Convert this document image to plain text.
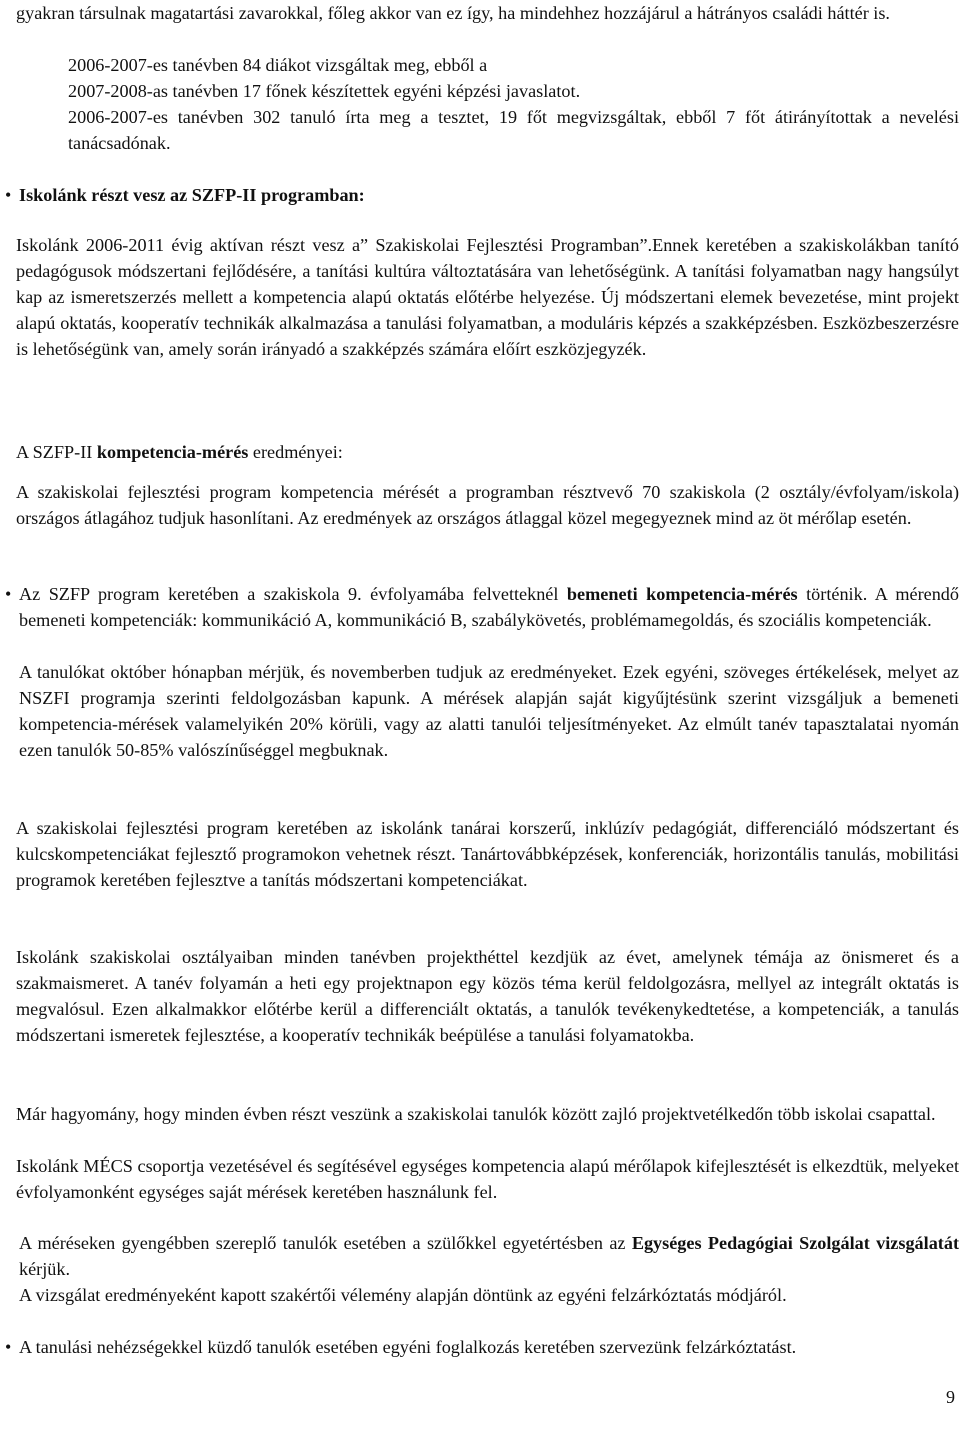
gyakran társulnak magatartási zavarokkal, főleg akkor van ez így, ha mindehhez hozzájárul a hátrányos családi háttér is.

2006-2007-es tanévben 84 diákot vizsgáltak meg, ebből a

2007-2008-as tanévben 17 főnek készítettek egyéni képzési javaslatot.

2006-2007-es tanévben 302 tanuló írta meg a tesztet, 19 főt megvizsgáltak, ebből 7 főt átirányítottak a nevelési tanácsadónak.

• Iskolánk részt vesz az SZFP-II programban:

Iskolánk 2006-2011 évig aktívan részt vesz a” Szakiskolai Fejlesztési Programban”.Ennek keretében a szakiskolákban tanító pedagógusok módszertani fejlődésére, a tanítási kultúra változtatására van lehetőségünk. A tanítási folyamatban nagy hangsúlyt kap az ismeretszerzés mellett a kompetencia alapú oktatás előtérbe helyezése. Új módszertani elemek bevezetése, mint projekt alapú oktatás, kooperatív technikák alkalmazása a tanulási folyamatban, a moduláris képzés a szakképzésben. Eszközbeszerzésre is lehetőségünk van, amely során irányadó a szakképzés számára előírt eszközjegyzék.

A SZFP-II kompetencia-mérés eredményei:

A szakiskolai fejlesztési program kompetencia mérését a programban résztvevő 70 szakiskola (2 osztály/évfolyam/iskola) országos átlagához tudjuk hasonlítani. Az eredmények az országos átlaggal közel megegyeznek mind az öt mérőlap esetén.

• Az SZFP program keretében a szakiskola 9. évfolyamába felvetteknél bemeneti kompetencia-mérés történik. A mérendő bemeneti kompetenciák: kommunikáció A, kommunikáció B, szabálykövetés, problémamegoldás, és szociális kompetenciák.
A tanulókat október hónapban mérjük, és novemberben tudjuk az eredményeket. Ezek egyéni, szöveges értékelések, melyet az NSZFI programja szerinti feldolgozásban kapunk. A mérések alapján saját kigyűjtésünk szerint vizsgáljuk a bemeneti kompetencia-mérések valamelyikén 20% körüli, vagy az alatti tanulói teljesítményeket. Az elmúlt tanév tapasztalatai nyomán ezen tanulók 50-85% valószínűséggel megbuknak.

A szakiskolai fejlesztési program keretében az iskolánk tanárai korszerű, inklúzív pedagógiát, differenciáló módszertant és kulcskompetenciákat fejlesztő programokon vehetnek részt. Tanártovábbképzések, konferenciák, horizontális tanulás, mobilitási programok keretében fejlesztve a tanítás módszertani kompetenciákat.

Iskolánk szakiskolai osztályaiban minden tanévben projekthéttel kezdjük az évet, amelynek témája az önismeret és a szakmaismeret. A tanév folyamán a heti egy projektnapon egy közös téma kerül feldolgozásra, mellyel az integrált oktatás is megvalósul. Ezen alkalmakkor előtérbe kerül a differenciált oktatás, a tanulók tevékenykedtetése, a kompetenciák, a tanulás módszertani ismeretek fejlesztése, a kooperatív technikák beépülése a tanulási folyamatokba.

Már hagyomány, hogy minden évben részt veszünk a szakiskolai tanulók között zajló projektvetélkedőn több iskolai csapattal.

Iskolánk MÉCS csoportja vezetésével és segítésével egységes kompetencia alapú mérőlapok kifejlesztését is elkezdtük, melyeket évfolyamonként egységes saját mérések keretében használunk fel.

A méréseken gyengébben szereplő tanulók esetében a szülőkkel egyetértésben az Egységes Pedagógiai Szolgálat vizsgálatát kérjük.

A vizsgálat eredményeként kapott szakértői vélemény alapján döntünk az egyéni felzárkóztatás módjáról.

• A tanulási nehézségekkel küzdő tanulók esetében egyéni foglalkozás keretében szervezünk felzárkóztatást.
9
